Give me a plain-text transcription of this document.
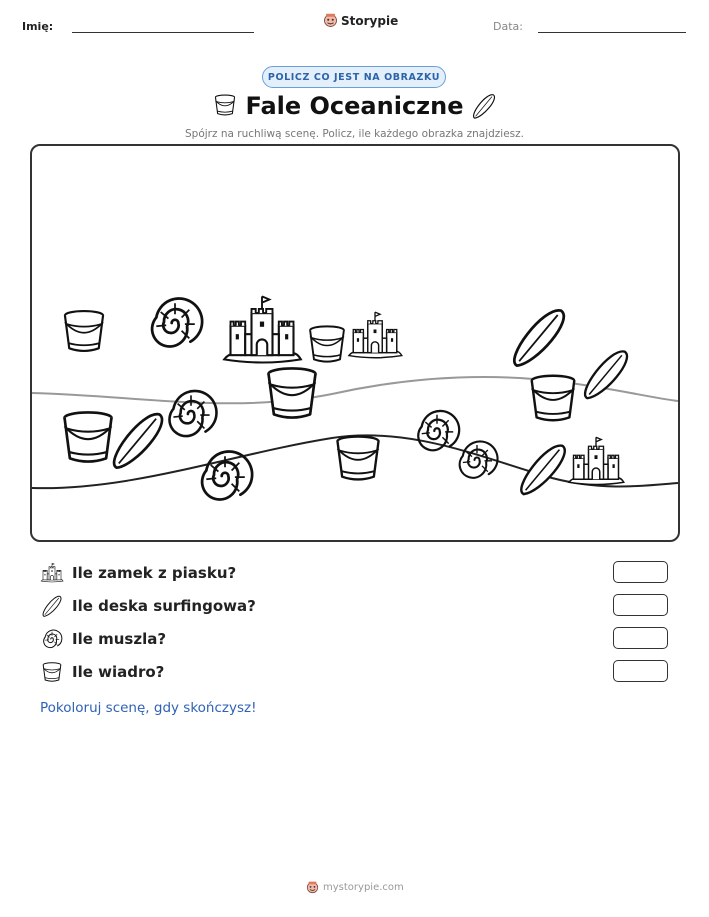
Imię:	Storypie	Data:
POLICZ CO JEST NA OBRAZKU
Fale Oceaniczne
Spójrz na ruchliwą scenę. Policz, ile każdego obrazka znajdziesz.
Ile zamek z piasku?
Ile deska surfingowa?
Ile muszla?
Ile wiadro?
Pokoloruj scenę, gdy skończysz!
mystorypie.com
